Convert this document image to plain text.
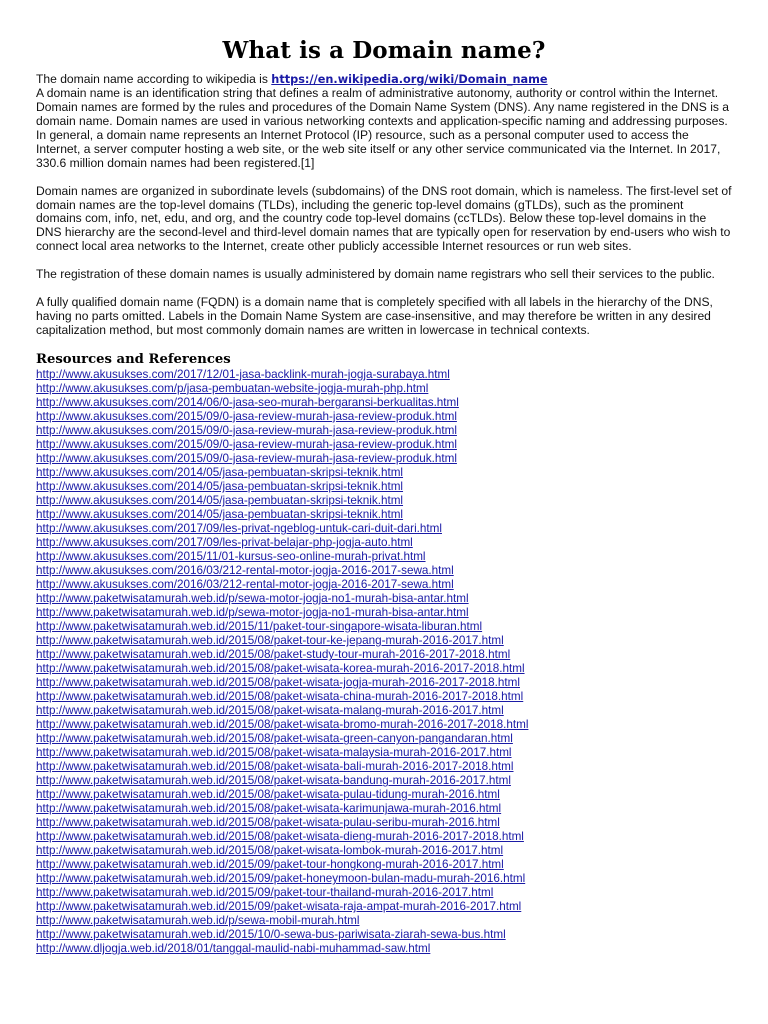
What is a Domain name?
The domain name according to wikipedia is https://en.wikipedia.org/wiki/Domain_name
A domain name is an identification string that defines a realm of administrative autonomy, authority or control within the Internet. Domain names are formed by the rules and procedures of the Domain Name System (DNS). Any name registered in the DNS is a domain name. Domain names are used in various networking contexts and application-specific naming and addressing purposes. In general, a domain name represents an Internet Protocol (IP) resource, such as a personal computer used to access the Internet, a server computer hosting a web site, or the web site itself or any other service communicated via the Internet. In 2017, 330.6 million domain names had been registered.[1]

Domain names are organized in subordinate levels (subdomains) of the DNS root domain, which is nameless. The first-level set of domain names are the top-level domains (TLDs), including the generic top-level domains (gTLDs), such as the prominent domains com, info, net, edu, and org, and the country code top-level domains (ccTLDs). Below these top-level domains in the DNS hierarchy are the second-level and third-level domain names that are typically open for reservation by end-users who wish to connect local area networks to the Internet, create other publicly accessible Internet resources or run web sites.

The registration of these domain names is usually administered by domain name registrars who sell their services to the public.

A fully qualified domain name (FQDN) is a domain name that is completely specified with all labels in the hierarchy of the DNS, having no parts omitted. Labels in the Domain Name System are case-insensitive, and may therefore be written in any desired capitalization method, but most commonly domain names are written in lowercase in technical contexts.

Resources and References
http://www.akusukses.com/2017/12/01-jasa-backlink-murah-jogja-surabaya.html
http://www.akusukses.com/p/jasa-pembuatan-website-jogja-murah-php.html
http://www.akusukses.com/2014/06/0-jasa-seo-murah-bergaransi-berkualitas.html
http://www.akusukses.com/2015/09/0-jasa-review-murah-jasa-review-produk.html
http://www.akusukses.com/2015/09/0-jasa-review-murah-jasa-review-produk.html
http://www.akusukses.com/2015/09/0-jasa-review-murah-jasa-review-produk.html
http://www.akusukses.com/2015/09/0-jasa-review-murah-jasa-review-produk.html
http://www.akusukses.com/2014/05/jasa-pembuatan-skripsi-teknik.html
http://www.akusukses.com/2014/05/jasa-pembuatan-skripsi-teknik.html
http://www.akusukses.com/2014/05/jasa-pembuatan-skripsi-teknik.html
http://www.akusukses.com/2014/05/jasa-pembuatan-skripsi-teknik.html
http://www.akusukses.com/2017/09/les-privat-ngeblog-untuk-cari-duit-dari.html
http://www.akusukses.com/2017/09/les-privat-belajar-php-jogja-auto.html
http://www.akusukses.com/2015/11/01-kursus-seo-online-murah-privat.html
http://www.akusukses.com/2016/03/212-rental-motor-jogja-2016-2017-sewa.html
http://www.akusukses.com/2016/03/212-rental-motor-jogja-2016-2017-sewa.html
http://www.paketwisatamurah.web.id/p/sewa-motor-jogja-no1-murah-bisa-antar.html
http://www.paketwisatamurah.web.id/p/sewa-motor-jogja-no1-murah-bisa-antar.html
http://www.paketwisatamurah.web.id/2015/11/paket-tour-singapore-wisata-liburan.html
http://www.paketwisatamurah.web.id/2015/08/paket-tour-ke-jepang-murah-2016-2017.html
http://www.paketwisatamurah.web.id/2015/08/paket-study-tour-murah-2016-2017-2018.html
http://www.paketwisatamurah.web.id/2015/08/paket-wisata-korea-murah-2016-2017-2018.html
http://www.paketwisatamurah.web.id/2015/08/paket-wisata-jogja-murah-2016-2017-2018.html
http://www.paketwisatamurah.web.id/2015/08/paket-wisata-china-murah-2016-2017-2018.html
http://www.paketwisatamurah.web.id/2015/08/paket-wisata-malang-murah-2016-2017.html
http://www.paketwisatamurah.web.id/2015/08/paket-wisata-bromo-murah-2016-2017-2018.html
http://www.paketwisatamurah.web.id/2015/08/paket-wisata-green-canyon-pangandaran.html
http://www.paketwisatamurah.web.id/2015/08/paket-wisata-malaysia-murah-2016-2017.html
http://www.paketwisatamurah.web.id/2015/08/paket-wisata-bali-murah-2016-2017-2018.html
http://www.paketwisatamurah.web.id/2015/08/paket-wisata-bandung-murah-2016-2017.html
http://www.paketwisatamurah.web.id/2015/08/paket-wisata-pulau-tidung-murah-2016.html
http://www.paketwisatamurah.web.id/2015/08/paket-wisata-karimunjawa-murah-2016.html
http://www.paketwisatamurah.web.id/2015/08/paket-wisata-pulau-seribu-murah-2016.html
http://www.paketwisatamurah.web.id/2015/08/paket-wisata-dieng-murah-2016-2017-2018.html
http://www.paketwisatamurah.web.id/2015/08/paket-wisata-lombok-murah-2016-2017.html
http://www.paketwisatamurah.web.id/2015/09/paket-tour-hongkong-murah-2016-2017.html
http://www.paketwisatamurah.web.id/2015/09/paket-honeymoon-bulan-madu-murah-2016.html
http://www.paketwisatamurah.web.id/2015/09/paket-tour-thailand-murah-2016-2017.html
http://www.paketwisatamurah.web.id/2015/09/paket-wisata-raja-ampat-murah-2016-2017.html
http://www.paketwisatamurah.web.id/p/sewa-mobil-murah.html
http://www.paketwisatamurah.web.id/2015/10/0-sewa-bus-pariwisata-ziarah-sewa-bus.html
http://www.dljogja.web.id/2018/01/tanggal-maulid-nabi-muhammad-saw.html
